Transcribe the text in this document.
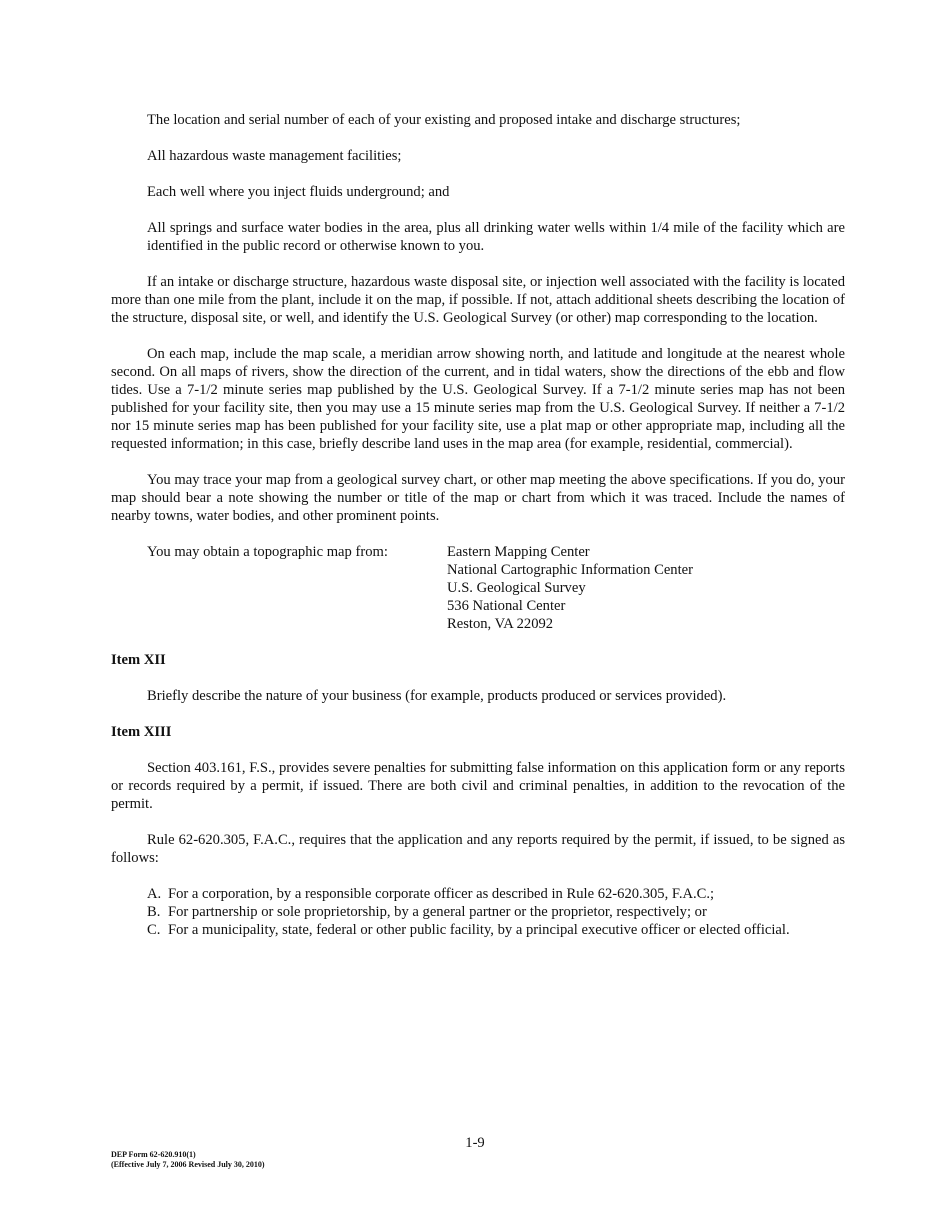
The location and serial number of each of your existing and proposed intake and discharge structures;

All hazardous waste management facilities;

Each well where you inject fluids underground; and

All springs and surface water bodies in the area, plus all drinking water wells within 1/4 mile of the facility which are identified in the public record or otherwise known to you.

If an intake or discharge structure, hazardous waste disposal site, or injection well associated with the facility is located more than one mile from the plant, include it on the map, if possible. If not, attach additional sheets describing the location of the structure, disposal site, or well, and identify the U.S. Geological Survey (or other) map corresponding to the location.

On each map, include the map scale, a meridian arrow showing north, and latitude and longitude at the nearest whole second. On all maps of rivers, show the direction of the current, and in tidal waters, show the directions of the ebb and flow tides. Use a 7-1/2 minute series map published by the U.S. Geological Survey. If a 7-1/2 minute series map has not been published for your facility site, then you may use a 15 minute series map from the U.S. Geological Survey. If neither a 7-1/2 nor 15 minute series map has been published for your facility site, use a plat map or other appropriate map, including all the requested information; in this case, briefly describe land uses in the map area (for example, residential, commercial).

You may trace your map from a geological survey chart, or other map meeting the above specifications. If you do, your map should bear a note showing the number or title of the map or chart from which it was traced. Include the names of nearby towns, water bodies, and other prominent points.

You may obtain a topographic map from:	Eastern Mapping Center
National Cartographic Information Center
U.S. Geological Survey
536 National Center
Reston, VA 22092
Item XII

Briefly describe the nature of your business (for example, products produced or services provided).

Item XIII

Section 403.161, F.S., provides severe penalties for submitting false information on this application form or any reports or records required by a permit, if issued. There are both civil and criminal penalties, in addition to the revocation of the permit.

Rule 62-620.305, F.A.C., requires that the application and any reports required by the permit, if issued, to be signed as follows:

A. For a corporation, by a responsible corporate officer as described in Rule 62-620.305, F.A.C.;
B. For partnership or sole proprietorship, by a general partner or the proprietor, respectively; or
C. For a municipality, state, federal or other public facility, by a principal executive officer or elected official.
1-9
DEP Form 62-620.910(1)
(Effective July 7, 2006 Revised July 30, 2010)
